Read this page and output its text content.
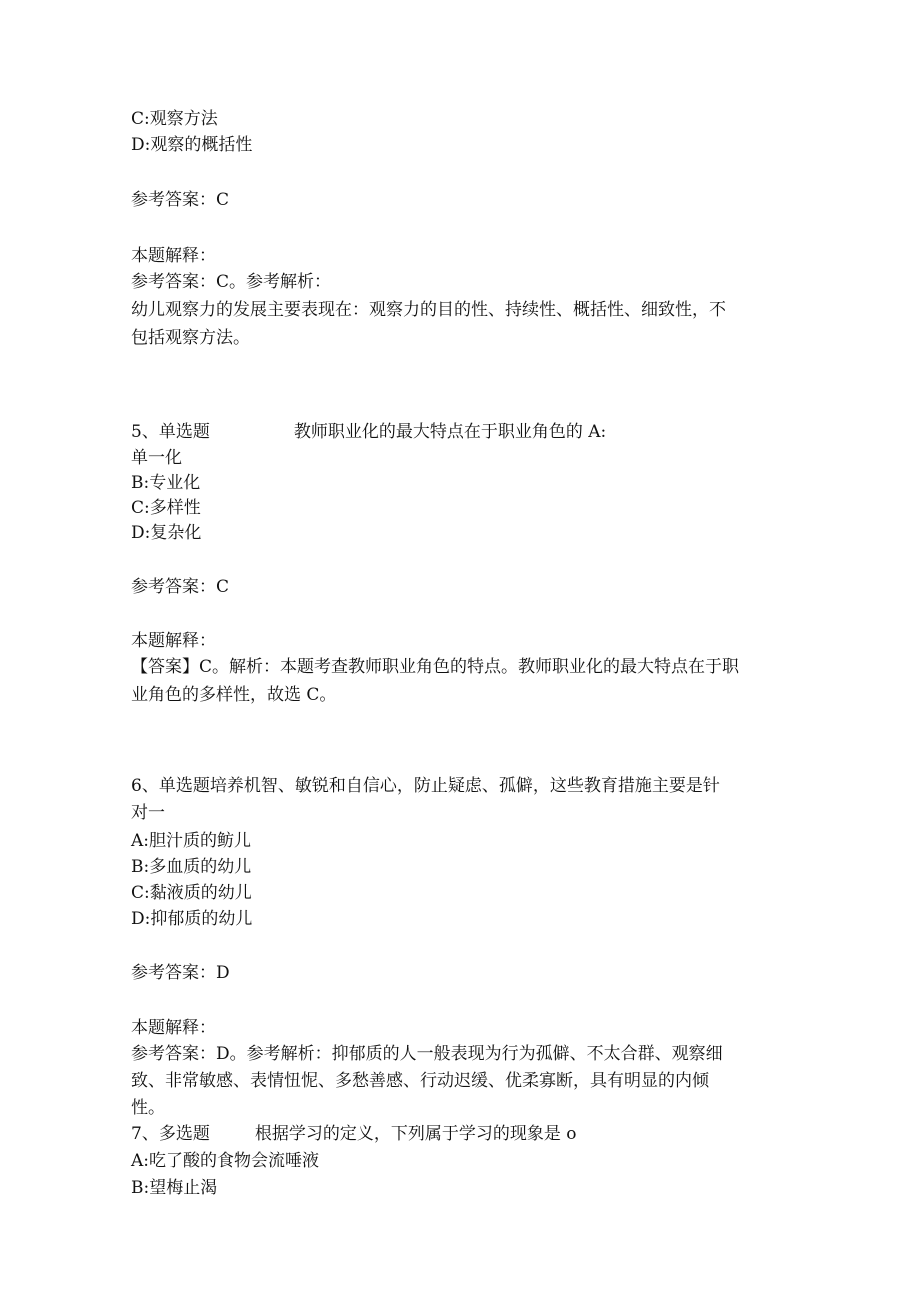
C:观察方法
D:观察的概括性
参考答案：C
本题解释：
参考答案：C。参考解析：
幼儿观察力的发展主要表现在：观察力的目的性、持续性、概括性、细致性，不
包括观察方法。
5、单选题	教师职业化的最大特点在于职业角色的 A:
单一化
B:专业化
C:多样性
D:复杂化
参考答案：C
本题解释：
【答案】C。解析：本题考查教师职业角色的特点。教师职业化的最大特点在于职
业角色的多样性，故选 C。
6、单选题培养机智、敏锐和自信心，防止疑虑、孤僻，这些教育措施主要是针
对一
A:胆汁质的鲂儿
B:多血质的幼儿
C:黏液质的幼儿
D:抑郁质的幼儿
参考答案：D
本题解释：
参考答案：D。参考解析：抑郁质的人一般表现为行为孤僻、不太合群、观察细
致、非常敏感、表情忸怩、多愁善感、行动迟缓、优柔寡断，具有明显的内倾
性。
7、多选题	根据学习的定义，下列属于学习的现象是 o
A:吃了酸的食物会流唾液
B:望梅止渴
